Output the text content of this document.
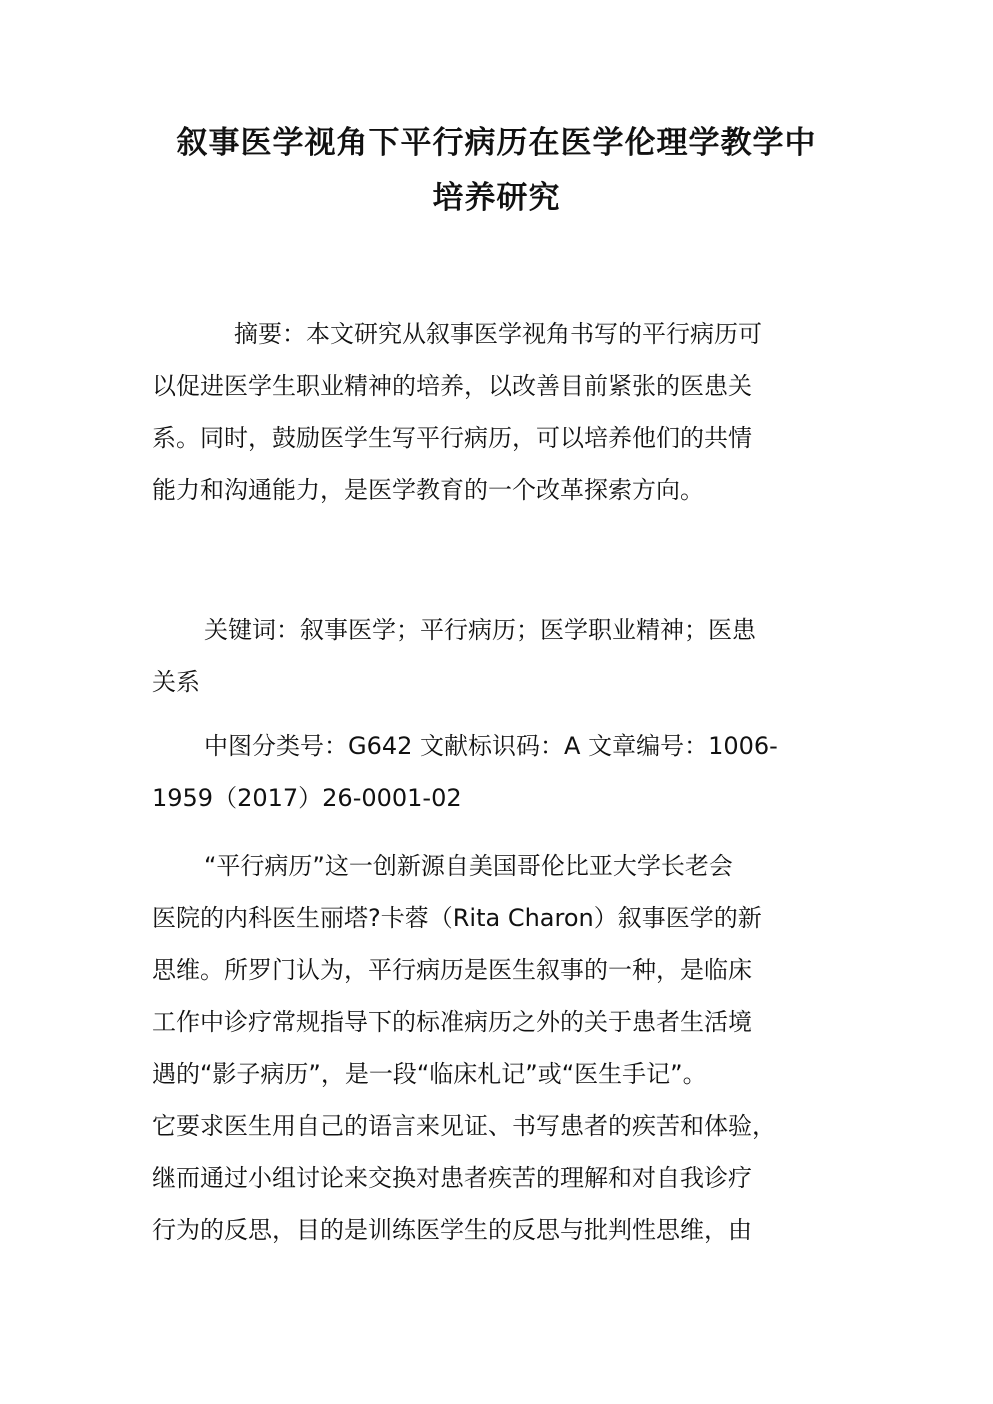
叙事医学视角下平行病历在医学伦理学教学中
培养研究
摘要：本文研究从叙事医学视角书写的平行病历可
以促进医学生职业精神的培养，以改善目前紧张的医患关
系。同时，鼓励医学生写平行病历，可以培养他们的共情
能力和沟通能力，是医学教育的一个改革探索方向。
关键词：叙事医学；平行病历；医学职业精神；医患
关系
中图分类号：G642 文献标识码：A 文章编号：1006-
1959（2017）26-0001-02
“平行病历”这一创新源自美国哥伦比亚大学长老会
医院的内科医生丽塔?卡蓉（Rita Charon）叙事医学的新
思维。所罗门认为，平行病历是医生叙事的一种，是临床
工作中诊疗常规指导下的标准病历之外的关于患者生活境
遇的“影子病历”，是一段“临床札记”或“医生手记”。
它要求医生用自己的语言来见证、书写患者的疾苦和体验，
继而通过小组讨论来交换对患者疾苦的理解和对自我诊疗
行为的反思，目的是训练医学生的反思与批判性思维，由
